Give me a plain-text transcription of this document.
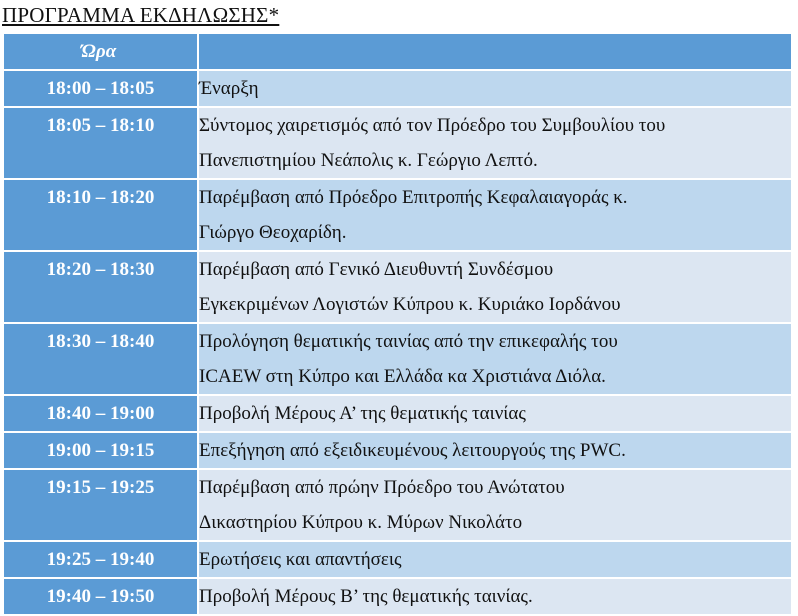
ΠΡΟΓΡΑΜΜΑ ΕΚΔΗΛΩΣΗΣ*
Ώρα	
18:00 – 18:05	Έναρξη

18:05 – 18:10	Σύντομος χαιρετισμός από τον Πρόεδρο του Συμβουλίου του
Πανεπιστημίου Νεάπολις κ. Γεώργιο Λεπτό.

18:10 – 18:20	Παρέμβαση από Πρόεδρο Επιτροπής Κεφαλαιαγοράς κ.
Γιώργο Θεοχαρίδη.

18:20 – 18:30	Παρέμβαση από Γενικό Διευθυντή Συνδέσμου
Εγκεκριμένων Λογιστών Κύπρου κ. Κυριάκο Ιορδάνου

18:30 – 18:40	Προλόγηση θεματικής ταινίας από την επικεφαλής του
ICAEW στη Κύπρο και Ελλάδα κα Χριστιάνα Διόλα.

18:40 – 19:00	Προβολή Μέρους Α’ της θεματικής ταινίας

19:00 – 19:15	Επεξήγηση από εξειδικευμένους λειτουργούς της PWC.

19:15 – 19:25	Παρέμβαση από πρώην Πρόεδρο του Ανώτατου
Δικαστηρίου Κύπρου κ. Μύρων Νικολάτο

19:25 – 19:40	Ερωτήσεις και απαντήσεις

19:40 – 19:50	Προβολή Μέρους Β’ της θεματικής ταινίας.
